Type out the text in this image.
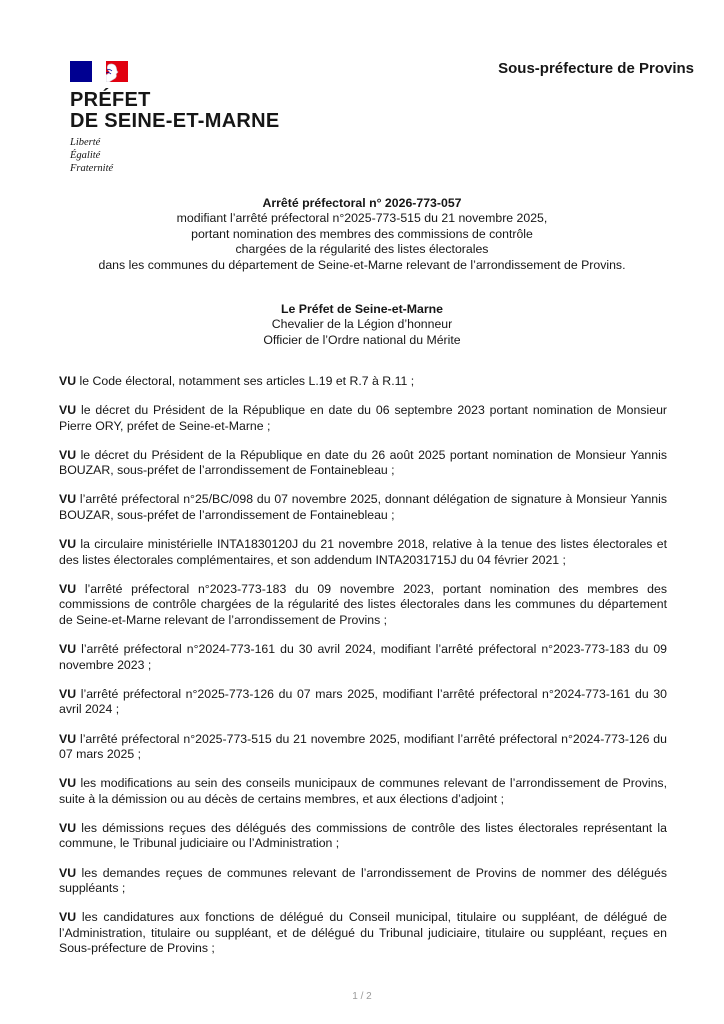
PRÉFET
DE SEINE-ET-MARNE
Liberté
Égalité
Fraternité
Sous-préfecture de Provins
Arrêté préfectoral n° 2026-773-057
modifiant l’arrêté préfectoral n°2025-773-515 du 21 novembre 2025,
portant nomination des membres des commissions de contrôle
chargées de la régularité des listes électorales
dans les communes du département de Seine-et-Marne relevant de l’arrondissement de Provins.
Le Préfet de Seine-et-Marne
Chevalier de la Légion d’honneur
Officier de l’Ordre national du Mérite

VU le Code électoral, notamment ses articles L.19 et R.7 à R.11 ;

VU le décret du Président de la République en date du 06 septembre 2023 portant nomination de Monsieur Pierre ORY, préfet de Seine-et-Marne ;

VU le décret du Président de la République en date du 26 août 2025 portant nomination de Monsieur Yannis BOUZAR, sous-préfet de l’arrondissement de Fontainebleau ;

VU l’arrêté préfectoral n°25/BC/098 du 07 novembre 2025, donnant délégation de signature à Monsieur Yannis BOUZAR, sous-préfet de l’arrondissement de Fontainebleau ;

VU la circulaire ministérielle INTA1830120J du 21 novembre 2018, relative à la tenue des listes électorales et des listes électorales complémentaires, et son addendum INTA2031715J du 04 février 2021 ;

VU l’arrêté préfectoral n°2023-773-183 du 09 novembre 2023, portant nomination des membres des commissions de contrôle chargées de la régularité des listes électorales dans les communes du département de Seine-et-Marne relevant de l’arrondissement de Provins ;

VU l’arrêté préfectoral n°2024-773-161 du 30 avril 2024, modifiant l’arrêté préfectoral n°2023-773-183 du 09 novembre 2023 ;

VU l’arrêté préfectoral n°2025-773-126 du 07 mars 2025, modifiant l’arrêté préfectoral n°2024-773-161 du 30 avril 2024 ;

VU l’arrêté préfectoral n°2025-773-515 du 21 novembre 2025, modifiant l’arrêté préfectoral n°2024-773-126 du 07 mars 2025 ;

VU les modifications au sein des conseils municipaux de communes relevant de l’arrondissement de Provins, suite à la démission ou au décès de certains membres, et aux élections d’adjoint ;

VU les démissions reçues des délégués des commissions de contrôle des listes électorales représentant la commune, le Tribunal judiciaire ou l’Administration ;

VU les demandes reçues de communes relevant de l’arrondissement de Provins de nommer des délégués suppléants ;

VU les candidatures aux fonctions de délégué du Conseil municipal, titulaire ou suppléant, de délégué de l’Administration, titulaire ou suppléant, et de délégué du Tribunal judiciaire, titulaire ou suppléant, reçues en Sous-préfecture de Provins ;

1 / 2
